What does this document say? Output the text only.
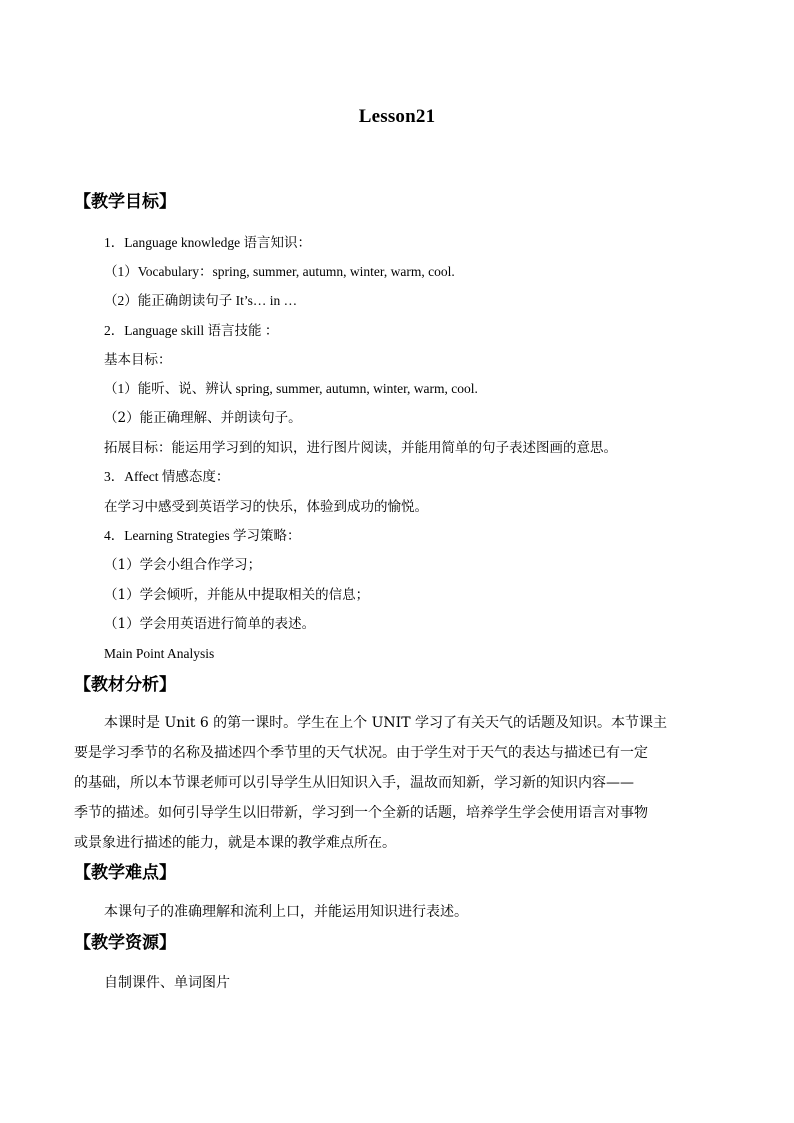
Lesson21
【教学目标】
1．Language knowledge 语言知识：
（1）Vocabulary：spring, summer, autumn, winter, warm, cool.
（2）能正确朗读句子 It’s… in …
2．Language skill 语言技能 ：
基本目标：
（1）能听、说、辨认 spring, summer, autumn, winter, warm, cool.
（2）能正确理解、并朗读句子。
拓展目标：能运用学习到的知识，进行图片阅读，并能用简单的句子表述图画的意思。
3．Affect 情感态度：
在学习中感受到英语学习的快乐，体验到成功的愉悦。
4．Learning Strategies 学习策略：
（1）学会小组合作学习；
（1）学会倾听，并能从中提取相关的信息；
（1）学会用英语进行简单的表述。
Main Point Analysis
【教材分析】
本课时是 Unit 6 的第一课时。学生在上个 UNIT 学习了有关天气的话题及知识。本节课主
要是学习季节的名称及描述四个季节里的天气状况。由于学生对于天气的表达与描述已有一定
的基础，所以本节课老师可以引导学生从旧知识入手，温故而知新，学习新的知识内容——
季节的描述。如何引导学生以旧带新，学习到一个全新的话题，培养学生学会使用语言对事物
或景象进行描述的能力，就是本课的教学难点所在。
【教学难点】
本课句子的准确理解和流利上口，并能运用知识进行表述。
【教学资源】
自制课件、单词图片
